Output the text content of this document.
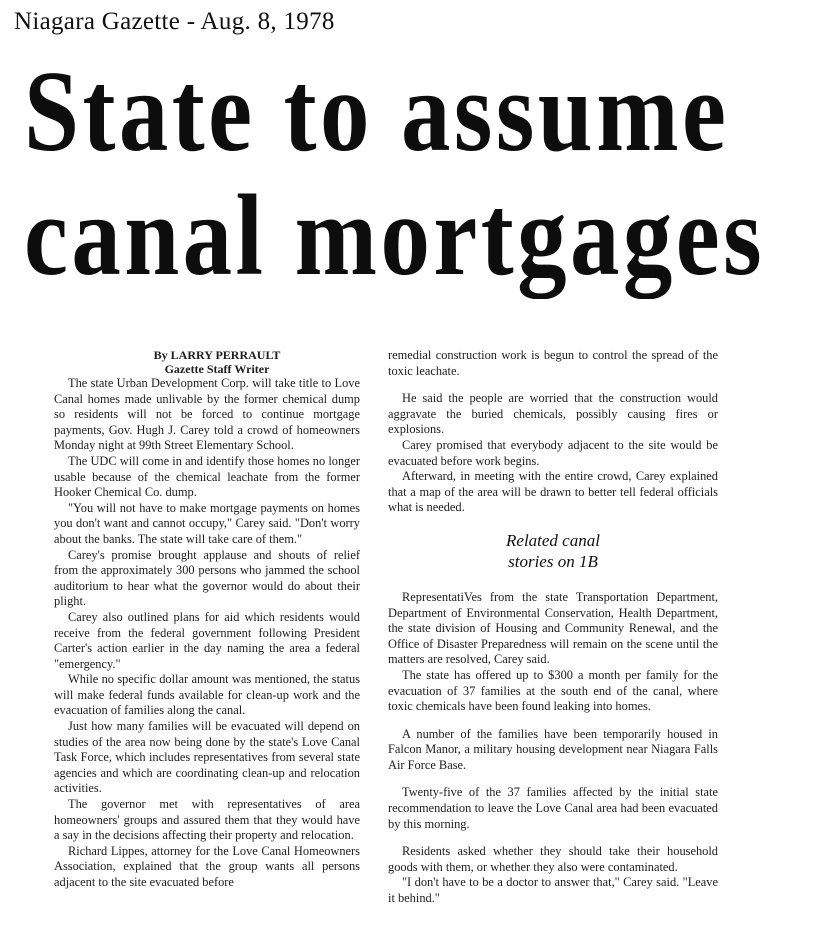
Niagara Gazette - Aug. 8, 1978
State to assume
canal mortgages
By LARRY PERRAULT
Gazette Staff Writer

The state Urban Development Corp. will take title to Love Canal homes made unlivable by the former chemical dump so residents will not be forced to continue mortgage payments, Gov. Hugh J. Carey told a crowd of homeowners Monday night at 99th Street Elementary School.

The UDC will come in and identify those homes no longer usable because of the chemical leachate from the former Hooker Chemical Co. dump.

"You will not have to make mortgage payments on homes you don't want and cannot occupy," Carey said. "Don't worry about the banks. The state will take care of them."

Carey's promise brought applause and shouts of relief from the approximately 300 persons who jammed the school auditorium to hear what the governor would do about their plight.

Carey also outlined plans for aid which residents would receive from the federal government following President Carter's action earlier in the day naming the area a federal "emergency."

While no specific dollar amount was mentioned, the status will make federal funds available for clean-up work and the evacuation of families along the canal.

Just how many families will be evacuated will depend on studies of the area now being done by the state's Love Canal Task Force, which includes representatives from several state agencies and which are coordinating clean-up and relocation activities.

The governor met with representatives of area homeowners' groups and assured them that they would have a say in the decisions affecting their property and relocation.

Richard Lippes, attorney for the Love Canal Homeowners Association, explained that the group wants all persons adjacent to the site evacuated before

remedial construction work is begun to control the spread of the toxic leachate.

He said the people are worried that the construction would aggravate the buried chemicals, possibly causing fires or explosions.

Carey promised that everybody adjacent to the site would be evacuated before work begins.

Afterward, in meeting with the entire crowd, Carey explained that a map of the area will be drawn to better tell federal officials what is needed.

Related canal
stories on 1B

RepresentatiVes from the state Transportation Department, Department of Environmental Conservation, Health Department, the state division of Housing and Community Renewal, and the Office of Disaster Preparedness will remain on the scene until the matters are resolved, Carey said.

The state has offered up to $300 a month per family for the evacuation of 37 families at the south end of the canal, where toxic chemicals have been found leaking into homes.

A number of the families have been temporarily housed in Falcon Manor, a military housing development near Niagara Falls Air Force Base.

Twenty-five of the 37 families affected by the initial state recommendation to leave the Love Canal area had been evacuated by this morning.

Residents asked whether they should take their household goods with them, or whether they also were contaminated.

"I don't have to be a doctor to answer that," Carey said. "Leave it behind."
